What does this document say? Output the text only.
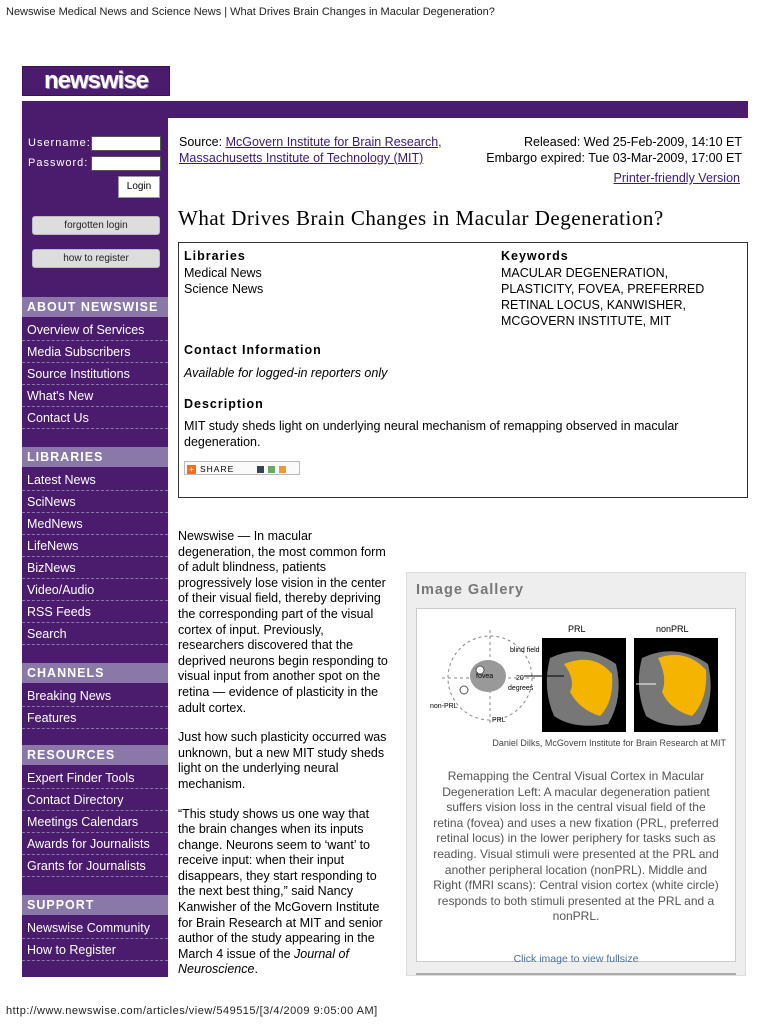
Newswise Medical News and Science News | What Drives Brain Changes in Macular Degeneration?
newswise
Username:
Password:
Login
forgotten login
how to register
ABOUT NEWSWISE
Overview of Services
Media Subscribers
Source Institutions
What's New
Contact Us
LIBRARIES
Latest News
SciNews
MedNews
LifeNews
BizNews
Video/Audio
RSS Feeds
Search
CHANNELS
Breaking News
Features
RESOURCES
Expert Finder Tools
Contact Directory
Meetings Calendars
Awards for Journalists
Grants for Journalists
SUPPORT
Newswise Community
How to Register
Source: McGovern Institute for Brain Research,
Massachusetts Institute of Technology (MIT)
Released: Wed 25-Feb-2009, 14:10 ET
Embargo expired: Tue 03-Mar-2009, 17:00 ET
Printer-friendly Version
What Drives Brain Changes in Macular Degeneration?
Libraries
Medical News
Science News
Keywords
MACULAR DEGENERATION,
PLASTICITY, FOVEA, PREFERRED
RETINAL LOCUS, KANWISHER,
MCGOVERN INSTITUTE, MIT
Contact Information
Available for logged-in reporters only
Description
MIT study sheds light on underlying neural mechanism of remapping observed in macular
degeneration.
+ SHARE
Newswise — In macular
degeneration, the most common form
of adult blindness, patients
progressively lose vision in the center
of their visual field, thereby depriving
the corresponding part of the visual
cortex of input. Previously,
researchers discovered that the
deprived neurons begin responding to
visual input from another spot on the
retina — evidence of plasticity in the
adult cortex.
Just how such plasticity occurred was
unknown, but a new MIT study sheds
light on the underlying neural
mechanism.
“This study shows us one way that
the brain changes when its inputs
change. Neurons seem to ‘want’ to
receive input: when their input
disappears, they start responding to
the next best thing,” said Nancy
Kanwisher of the McGovern Institute
for Brain Research at MIT and senior
author of the study appearing in the
March 4 issue of the Journal of
Neuroscience.
Image Gallery
fovea
blind field
non-PRL
PRL
20
degrees
PRL	nonPRL
Daniel Dilks, McGovern Institute for Brain Research at MIT
Remapping the Central Visual Cortex in Macular
Degeneration Left: A macular degeneration patient
suffers vision loss in the central visual field of the
retina (fovea) and uses a new fixation (PRL, preferred
retinal locus) in the lower periphery for tasks such as
reading. Visual stimuli were presented at the PRL and
another peripheral location (nonPRL). Middle and
Right (fMRI scans): Central vision cortex (white circle)
responds to both stimuli presented at the PRL and a
nonPRL.
Click image to view fullsize
http://www.newswise.com/articles/view/549515/[3/4/2009 9:05:00 AM]
